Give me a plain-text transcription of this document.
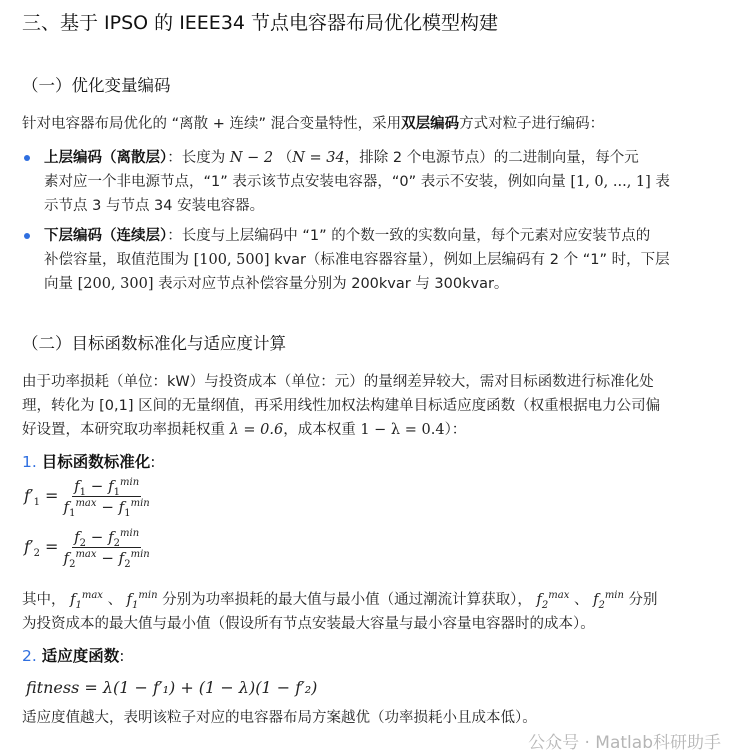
三、基于 IPSO 的 IEEE34 节点电容器布局优化模型构建
（一）优化变量编码

针对电容器布局优化的 “离散 + 连续” 混合变量特性，采用双层编码方式对粒子进行编码：

上层编码（离散层）：长度为 N − 2 （N = 34，排除 2 个电源节点）的二进制向量，每个元

素对应一个非电源节点，“1” 表示该节点安装电容器，“0” 表示不安装，例如向量 [1, 0, ..., 1] 表

示节点 3 与节点 34 安装电容器。

下层编码（连续层）：长度与上层编码中 “1” 的个数一致的实数向量，每个元素对应安装节点的

补偿容量，取值范围为 [100, 500] kvar（标准电容器容量），例如上层编码有 2 个 “1” 时，下层

向量 [200, 300] 表示对应节点补偿容量分别为 200kvar 与 300kvar。

（二）目标函数标准化与适应度计算

由于功率损耗（单位：kW）与投资成本（单位：元）的量纲差异较大，需对目标函数进行标准化处

理，转化为 [0,1] 区间的无量纲值，再采用线性加权法构建单目标适应度函数（权重根据电力公司偏

好设置，本研究取功率损耗权重 λ = 0.6，成本权重 1 − λ = 0.4）：

1. 目标函数标准化:

$f'_1 = \frac{f_1 - f_1^{min}}{f_1^{max} - f_1^{min}}$
$f'_2 = \frac{f_2 - f_2^{min}}{f_2^{max} - f_2^{min}}$

其中， $f_1^{max}$ 、 $f_1^{min}$ 分别为功率损耗的最大值与最小值（通过潮流计算获取）， $f_2^{max}$ 、 $f_2^{min}$ 分别

为投资成本的最大值与最小值（假设所有节点安装最大容量与最小容量电容器时的成本）。

2. 适应度函数:

fitness = λ(1 − f′₁) + (1 − λ)(1 − f′₂)

适应度值越大，表明该粒子对应的电容器布局方案越优（功率损耗小且成本低）。

公众号 · Matlab科研助手
